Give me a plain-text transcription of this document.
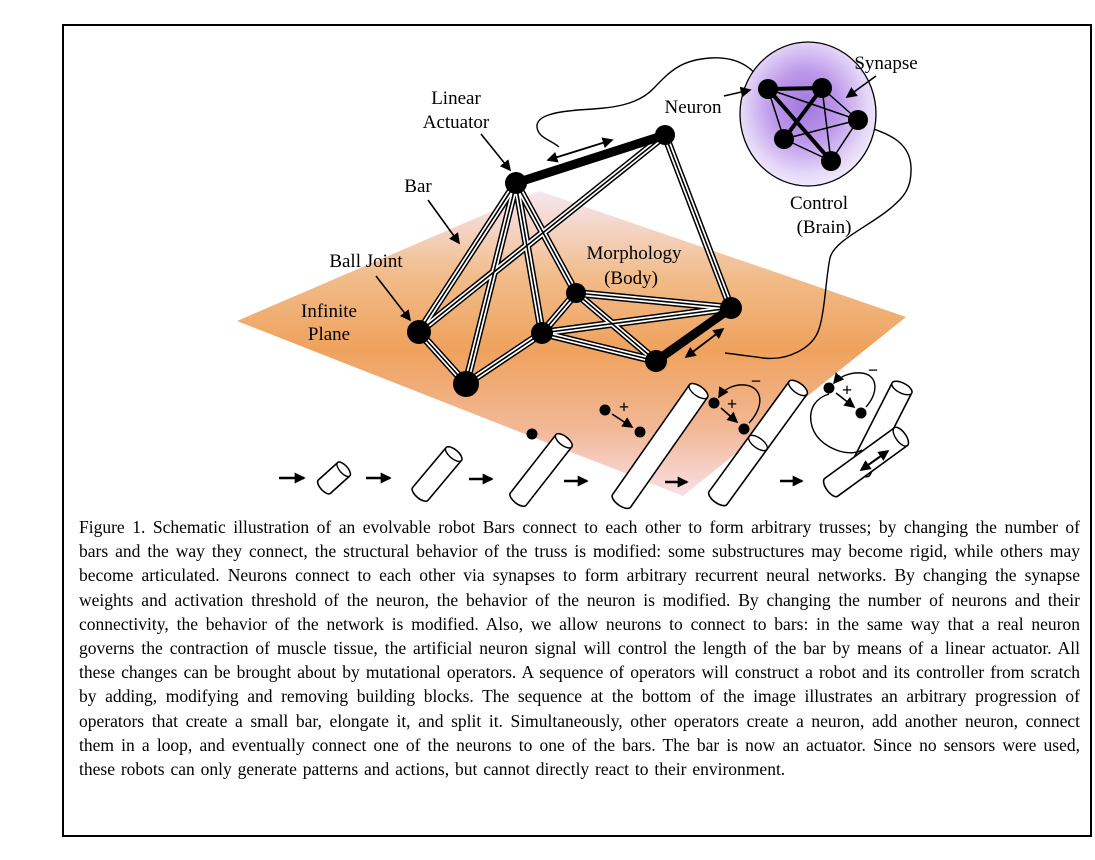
Linear
Actuator
Bar
Ball Joint
Infinite
Plane
Morphology
(Body)
Neuron
Synapse
Control
(Brain)
+	+
−	+
−
Figure 1. Schematic illustration of an evolvable robot Bars connect to each other to form arbitrary trusses; by changing the number of bars and the way they connect, the structural behavior of the truss is modified: some substructures may become rigid, while others may become articulated. Neurons connect to each other via synapses to form arbitrary recurrent neural networks. By changing the synapse weights and activation threshold of the neuron, the behavior of the neuron is modified. By changing the number of neurons and their connectivity, the behavior of the network is modified. Also, we allow neurons to connect to bars: in the same way that a real neuron governs the contraction of muscle tissue, the artificial neuron signal will control the length of the bar by means of a linear actuator. All these changes can be brought about by mutational operators. A sequence of operators will construct a robot and its controller from scratch by adding, modifying and removing building blocks. The sequence at the bottom of the image illustrates an arbitrary progression of operators that create a small bar, elongate it, and split it. Simultaneously, other operators create a neuron, add another neuron, connect them in a loop, and eventually connect one of the neurons to one of the bars. The bar is now an actuator. Since no sensors were used, these robots can only generate patterns and actions, but cannot directly react to their environment.
